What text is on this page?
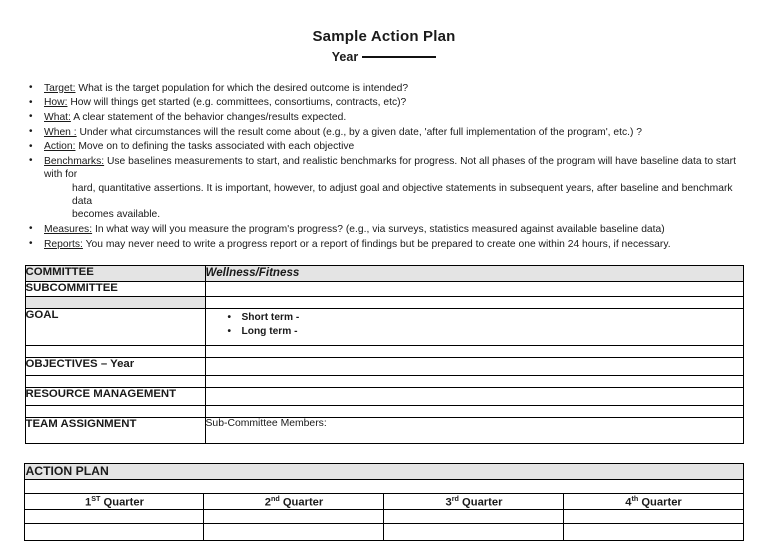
Sample Action Plan
Year
• Target: What is the target population for which the desired outcome is intended?
• How: How will things get started (e.g. committees, consortiums, contracts, etc)?
• What: A clear statement of the behavior changes/results expected.
• When : Under what circumstances will the result come about (e.g., by a given date, 'after full implementation of the program', etc.) ?
• Action: Move on to defining the tasks associated with each objective
• Benchmarks: Use baselines measurements to start, and realistic benchmarks for progress. Not all phases of the program will have baseline data to start with for
hard, quantitative assertions. It is important, however, to adjust goal and objective statements in subsequent years, after baseline and benchmark data
becomes available.
• Measures: In what way will you measure the program's progress? (e.g., via surveys, statistics measured against available baseline data)
• Reports: You may never need to write a progress report or a report of findings but be prepared to create one within 24 hours, if necessary.
COMMITTEE	Wellness/Fitness
SUBCOMMITTEE	

GOAL	
•Short term -
• Long term -

OBJECTIVES – Year	

RESOURCE MANAGEMENT	

TEAM ASSIGNMENT	Sub-Committee Members:
ACTION PLAN			

1ST Quarter	2nd Quarter	3rd Quarter	4th Quarter
